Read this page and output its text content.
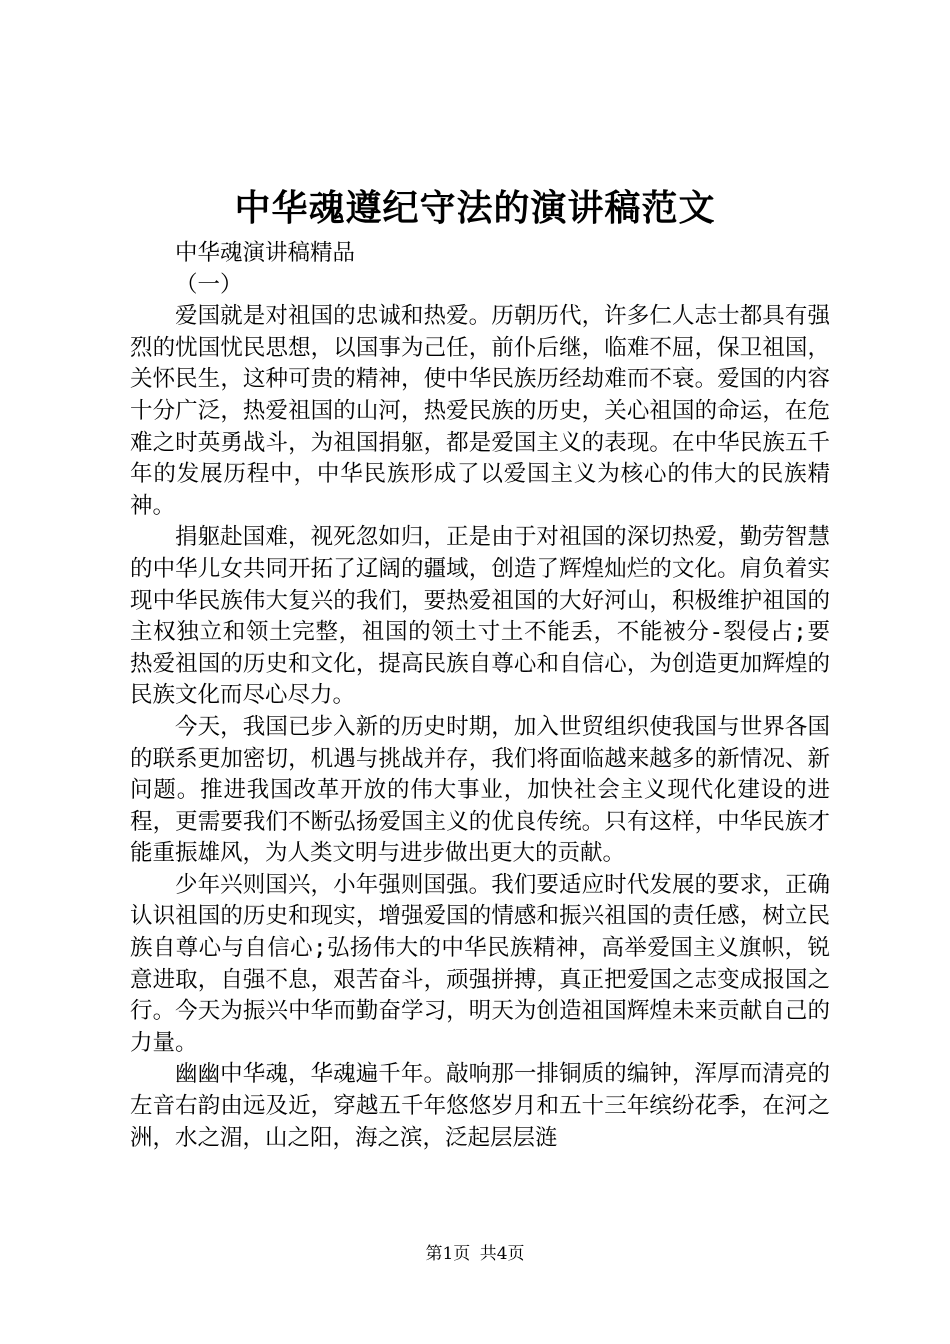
中华魂遵纪守法的演讲稿范文

中华魂演讲稿精品

（一）

爱国就是对祖国的忠诚和热爱。历朝历代，许多仁人志士都具有强烈的忧国忧民思想，以国事为己任，前仆后继，临难不屈，保卫祖国，关怀民生，这种可贵的精神，使中华民族历经劫难而不衰。爱国的内容十分广泛，热爱祖国的山河，热爱民族的历史，关心祖国的命运，在危难之时英勇战斗，为祖国捐躯，都是爱国主义的表现。在中华民族五千年的发展历程中，中华民族形成了以爱国主义为核心的伟大的民族精神。

捐躯赴国难，视死忽如归，正是由于对祖国的深切热爱，勤劳智慧的中华儿女共同开拓了辽阔的疆域，创造了辉煌灿烂的文化。肩负着实现中华民族伟大复兴的我们，要热爱祖国的大好河山，积极维护祖国的主权独立和领土完整，祖国的领土寸土不能丢，不能被分-裂侵占;要热爱祖国的历史和文化，提高民族自尊心和自信心，为创造更加辉煌的民族文化而尽心尽力。

今天，我国已步入新的历史时期，加入世贸组织使我国与世界各国的联系更加密切，机遇与挑战并存，我们将面临越来越多的新情况、新问题。推进我国改革开放的伟大事业，加快社会主义现代化建设的进程，更需要我们不断弘扬爱国主义的优良传统。只有这样，中华民族才能重振雄风，为人类文明与进步做出更大的贡献。

少年兴则国兴，小年强则国强。我们要适应时代发展的要求，正确认识祖国的历史和现实，增强爱国的情感和振兴祖国的责任感，树立民族自尊心与自信心;弘扬伟大的中华民族精神，高举爱国主义旗帜，锐意进取，自强不息，艰苦奋斗，顽强拼搏，真正把爱国之志变成报国之行。今天为振兴中华而勤奋学习，明天为创造祖国辉煌未来贡献自己的力量。

幽幽中华魂，华魂遍千年。敲响那一排铜质的编钟，浑厚而清亮的左音右韵由远及近，穿越五千年悠悠岁月和五十三年缤纷花季，在河之洲，水之湄，山之阳，海之滨，泛起层层涟

第1页 共4页
